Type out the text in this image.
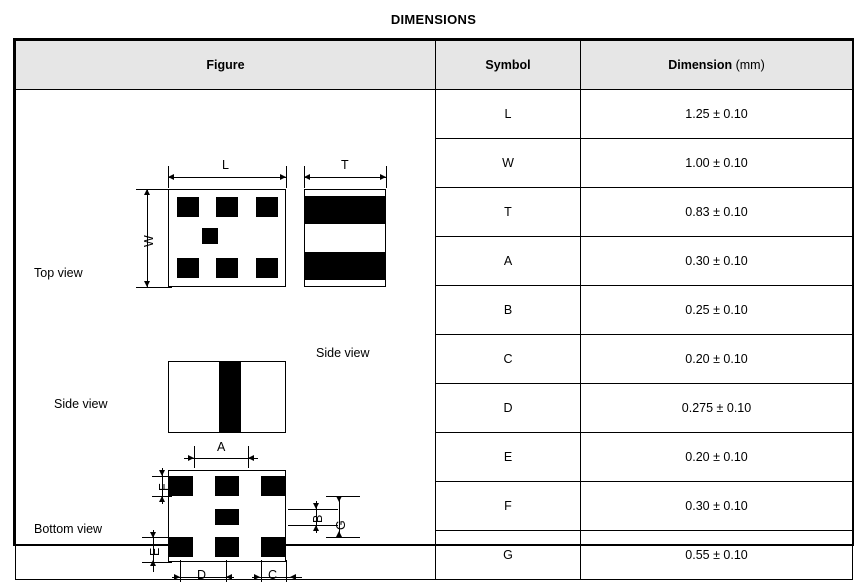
DIMENSIONS
Figure	Symbol	Dimension (mm)

Top view
L
W
T
Side view
Side view
Bottom view
A
F
E
B
G
D	C
	L	1.25 ± 0.10
	W	1.00 ± 0.10
	T	0.83 ± 0.10
	A	0.30 ± 0.10
	B	0.25 ± 0.10
	C	0.20 ± 0.10
	D	0.275 ± 0.10
	E	0.20 ± 0.10
	F	0.30 ± 0.10
	G	0.55 ± 0.10
